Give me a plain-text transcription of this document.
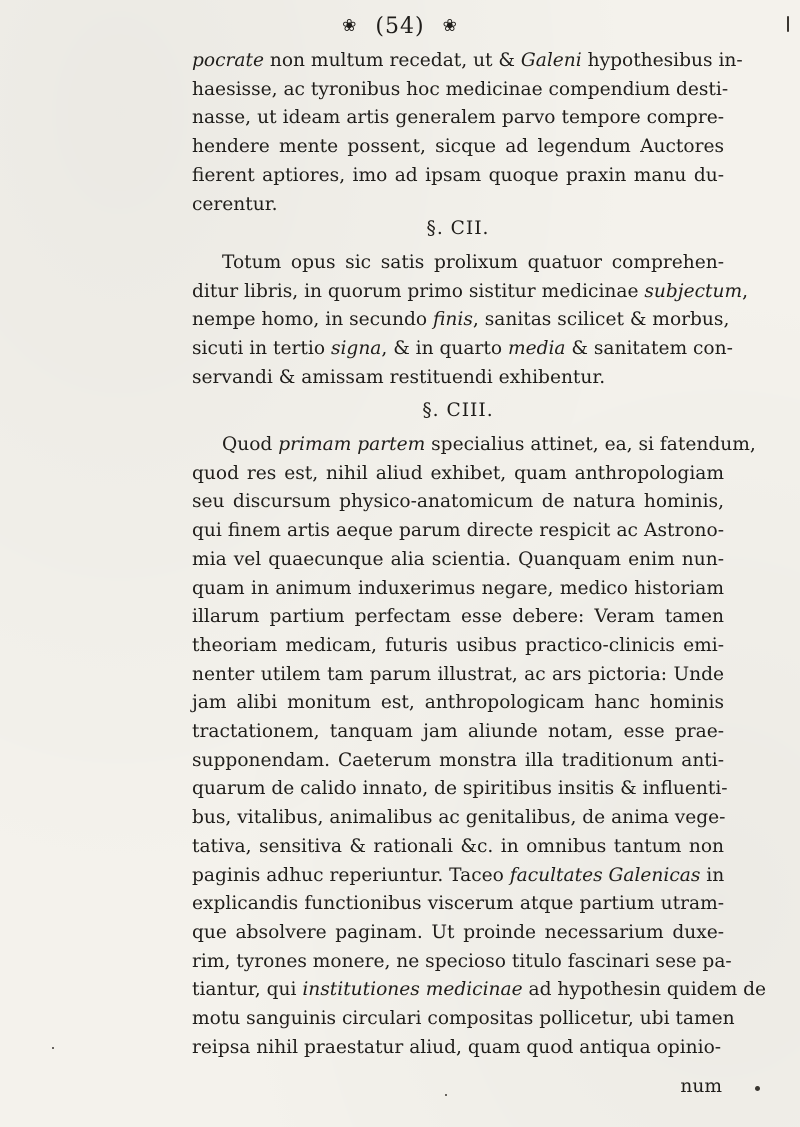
❀ (54) ❀
pocrate non multum recedat, ut & Galeni hypothesibus in-
haesisse, ac tyronibus hoc medicinae compendium desti-
nasse, ut ideam artis generalem parvo tempore compre-
hendere mente possent, sicque ad legendum Auctores
fierent aptiores, imo ad ipsam quoque praxin manu du-
cerentur.
§. CII.
Totum opus sic satis prolixum quatuor comprehen-
ditur libris, in quorum primo sistitur medicinae subjectum,
nempe homo, in secundo finis, sanitas scilicet & morbus,
sicuti in tertio signa, & in quarto media & sanitatem con-
servandi & amissam restituendi exhibentur.
§. CIII.
Quod primam partem specialius attinet, ea, si fatendum,
quod res est, nihil aliud exhibet, quam anthropologiam
seu discursum physico-anatomicum de natura hominis,
qui finem artis aeque parum directe respicit ac Astrono-
mia vel quaecunque alia scientia. Quanquam enim nun-
quam in animum induxerimus negare, medico historiam
illarum partium perfectam esse debere: Veram tamen
theoriam medicam, futuris usibus practico-clinicis emi-
nenter utilem tam parum illustrat, ac ars pictoria: Unde
jam alibi monitum est, anthropologicam hanc hominis
tractationem, tanquam jam aliunde notam, esse prae-
supponendam. Caeterum monstra illa traditionum anti-
quarum de calido innato, de spiritibus insitis & influenti-
bus, vitalibus, animalibus ac genitalibus, de anima vege-
tativa, sensitiva & rationali &c. in omnibus tantum non
paginis adhuc reperiuntur. Taceo facultates Galenicas in
explicandis functionibus viscerum atque partium utram-
que absolvere paginam. Ut proinde necessarium duxe-
rim, tyrones monere, ne specioso titulo fascinari sese pa-
tiantur, qui institutiones medicinae ad hypothesin quidem de
motu sanguinis circulari compositas pollicetur, ubi tamen
reipsa nihil praestatur aliud, quam quod antiqua opinio-
num
